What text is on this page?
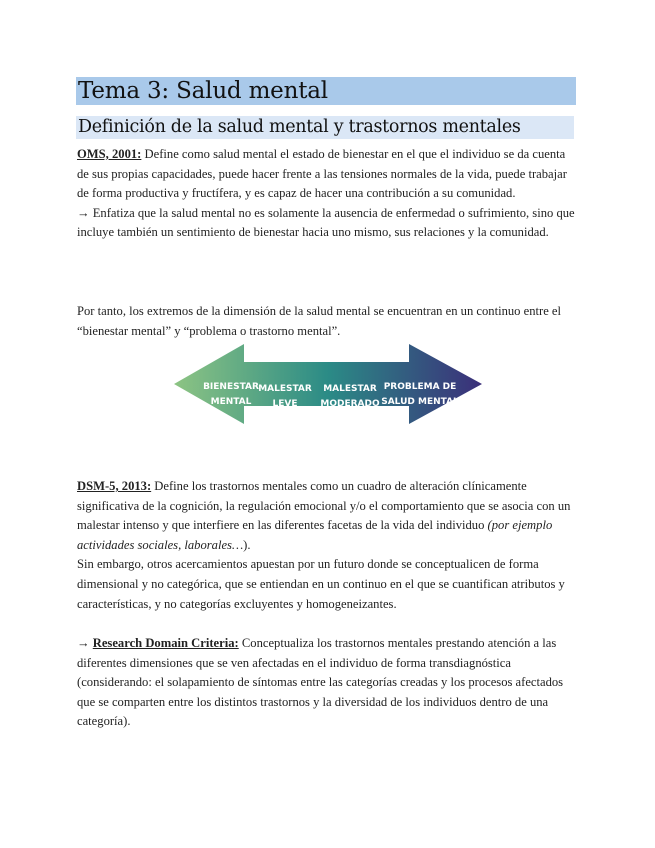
Tema 3: Salud mental
Definición de la salud mental y trastornos mentales

OMS, 2001: Define como salud mental el estado de bienestar en el que el individuo se da cuenta de sus propias capacidades, puede hacer frente a las tensiones normales de la vida, puede trabajar de forma productiva y fructífera, y es capaz de hacer una contribución a su comunidad.

→ Enfatiza que la salud mental no es solamente la ausencia de enfermedad o sufrimiento, sino que incluye también un sentimiento de bienestar hacia uno mismo, sus relaciones y la comunidad.

Por tanto, los extremos de la dimensión de la salud mental se encuentran en un continuo entre el “bienestar mental” y “problema o trastorno mental”.

BIENESTAR
MENTAL
MALESTAR
LEVE
MALESTAR
MODERADO
PROBLEMA DE
SALUD MENTAL

DSM-5, 2013: Define los trastornos mentales como un cuadro de alteración clínicamente significativa de la cognición, la regulación emocional y/o el comportamiento que se asocia con un malestar intenso y que interfiere en las diferentes facetas de la vida del individuo (por ejemplo actividades sociales, laborales…).

Sin embargo, otros acercamientos apuestan por un futuro donde se conceptualicen de forma dimensional y no categórica, que se entiendan en un continuo en el que se cuantifican atributos y características, y no categorías excluyentes y homogeneizantes.

→ Research Domain Criteria: Conceptualiza los trastornos mentales prestando atención a las diferentes dimensiones que se ven afectadas en el individuo de forma transdiagnóstica (considerando: el solapamiento de síntomas entre las categorías creadas y los procesos afectados que se comparten entre los distintos trastornos y la diversidad de los individuos dentro de una categoría).
